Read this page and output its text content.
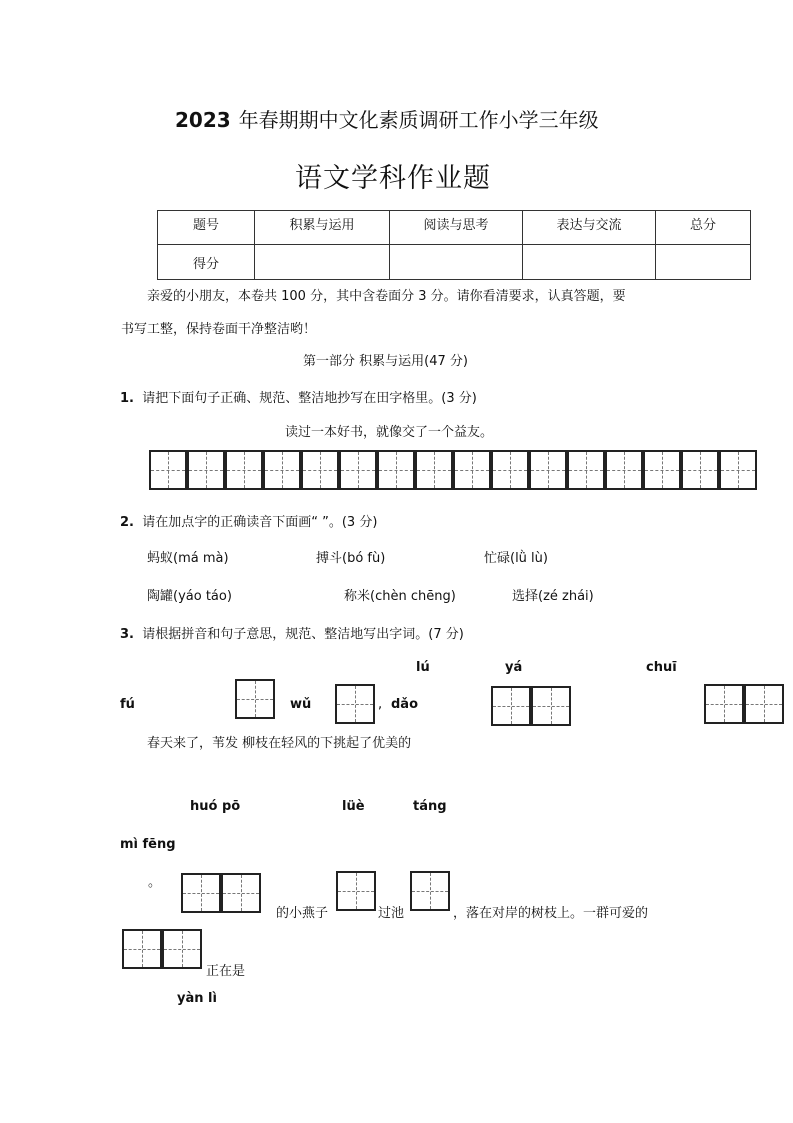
2023 年春期期中文化素质调研工作小学三年级
语文学科作业题
题号	积累与运用	阅读与思考	表达与交流	总分
得分				
亲爱的小朋友，本卷共 100 分，其中含卷面分 3 分。请你看清要求，认真答题，要
书写工整，保持卷面干净整洁哟！
第一部分 积累与运用(47 分)
1. 请把下面句子正确、规范、整洁地抄写在田字格里。(3 分)
读过一本好书，就像交了一个益友。
2. 请在加点字的正确读音下面画“ ”。(3 分)
蚂蚁(má mà)	搏斗(bó fù)	忙碌(lǜ lù)
陶罐(yáo táo)	称米(chèn chēng)	选择(zé zhái)
3. 请根据拼音和句子意思，规范、整洁地写出字词。(7 分)
lú	yá	chuī
fú	wǔ	, dǎo
春天来了，苇发 柳枝在轻风的下挑起了优美的
huó pō	lüè	táng
mì fēng
。
的小燕子	过池	，落在对岸的树枝上。一群可爱的
正在是
yàn lì
